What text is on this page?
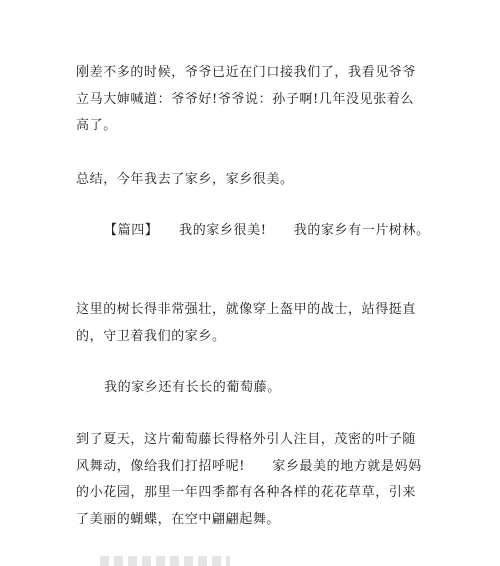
刚差不多的时候，爷爷已近在门口接我们了，我看见爷爷
立马大婶喊道：爷爷好!爷爷说：孙子啊!几年没见张着么
高了。
总结，今年我去了家乡，家乡很美。
【篇四】　　我的家乡很美!　　我的家乡有一片树林。
这里的树长得非常强壮，就像穿上盔甲的战士，站得挺直
的，守卫着我们的家乡。
我的家乡还有长长的葡萄藤。
到了夏天，这片葡萄藤长得格外引人注目，茂密的叶子随
风舞动，像给我们打招呼呢!　　家乡最美的地方就是妈妈
的小花园，那里一年四季都有各种各样的花花草草，引来
了美丽的蝴蝶，在空中翩翩起舞。
